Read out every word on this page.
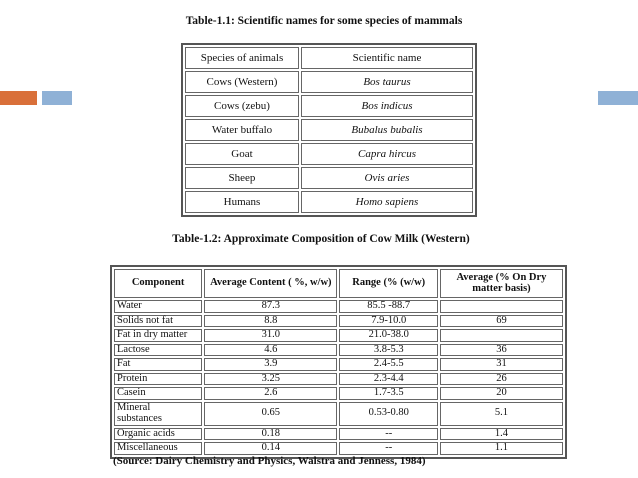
Table-1.1: Scientific names for some species of mammals
Species of animals	Scientific name
Cows (Western)	Bos taurus
Cows (zebu)	Bos indicus
Water buffalo	Bubalus bubalis
Goat	Capra hircus
Sheep	Ovis aries
Humans	Homo sapiens
Table-1.2: Approximate Composition of Cow Milk (Western)
Component	Average Content ( %, w/w)	Range (% (w/w)	Average (% On Dry matter basis)
Water	87.3	85.5 -88.7	
Solids not fat	8.8	7.9-10.0	69
Fat in dry matter	31.0	21.0-38.0	
Lactose	4.6	3.8-5.3	36
Fat	3.9	2.4-5.5	31
Protein	3.25	2.3-4.4	26
Casein	2.6	1.7-3.5	20
Mineral substances	0.65	0.53-0.80	5.1
Organic acids	0.18	--	1.4
Miscellaneous	0.14	--	1.1
(Source: Dairy Chemistry and Physics, Walstra and Jenness, 1984)
